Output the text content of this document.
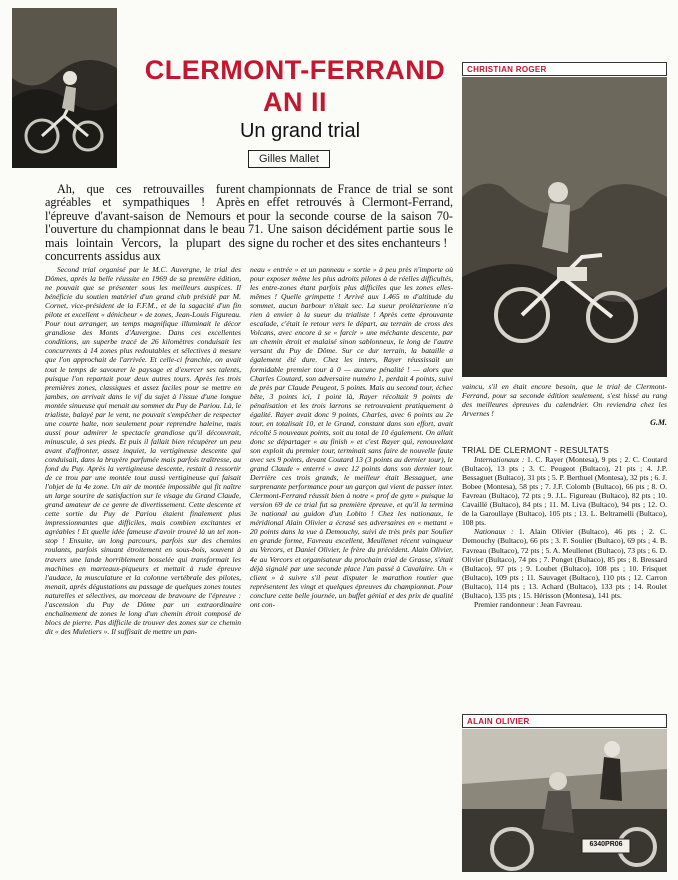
CLERMONT-FERRAND
AN II
Un grand trial
Gilles Mallet
CHRISTIAN ROGER

Ah, que ces retrouvailles furent agréables et sympathiques ! Après l'épreuve d'avant-saison de Nemours et l'ouverture du championnat dans le beau mais lointain Vercors, la plupart des concurrents assidus aux

championnats de France de trial se sont en effet retrouvés à Clermont-Ferrand, pour la seconde course de la saison 70-71. Une saison décidément partie sous le signe du rocher et des sites enchanteurs !

Second trial organisé par le M.C. Auvergne, le trial des Dômes, après la belle réussite en 1969 de sa première édition, ne pouvait que se présenter sous les meilleurs auspices. Il bénéficie du soutien matériel d'un grand club présidé par M. Cornet, vice-président de la F.F.M., et de la sagacité d'un fin pilote et excellent « dénicheur » de zones, Jean-Louis Figureau. Pour tout arranger, un temps magnifique illuminait le décor grandiose des Monts d'Auvergne. Dans ces excellentes conditions, un superbe tracé de 26 kilomètres conduisait les concurrents à 14 zones plus redoutables et sélectives à mesure que l'on approchait de l'arrivée. Et celle-ci franchie, on avait tout le temps de savourer le paysage et d'exercer ses talents, puisque l'on repartait pour deux autres tours. Après les trois premières zones, classiques et assez faciles pour se mettre en jambes, on arrivait dans le vif du sujet à l'issue d'une longue montée sinueuse qui menait au sommet du Puy de Pariou. Là, le trialiste, balayé par le vent, ne pouvait s'empêcher de respecter une courte halte, non seulement pour reprendre haleine, mais aussi pour admirer le spectacle grandiose qu'il découvrait, minuscule, à ses pieds. Et puis il fallait bien récupérer un peu avant d'affronter, assez inquiet, la vertigineuse descente qui conduisait, dans la bruyère parfumée mais parfois traîtresse, au fond du Puy. Après la vertigineuse descente, restait à ressortir de ce trou par une montée tout aussi vertigineuse qui faisait l'objet de la 4e zone. Un air de montée impossible qui fit naître un large sourire de satisfaction sur le visage du Grand Claude, grand amateur de ce genre de divertissement. Cette descente et cette sortie du Puy de Pariou étaient finalement plus impressionnantes que difficiles, mais combien excitantes et agréables ! Et quelle idée fameuse d'avoir trouvé là un tel non-stop ! Ensuite, un long parcours, parfois sur des chemins roulants, parfois sinuant étroitement en sous-bois, souvent à travers une lande horriblement bosselée qui transformait les machines en marteaux-piqueurs et mettait à rude épreuve l'audace, la musculature et la colonne vertébrale des pilotes, menait, après dégustations au passage de quelques zones toutes naturelles et sélectives, au morceau de bravoure de l'épreuve : l'ascension du Puy de Dôme par un extraordinaire enchaînement de zones le long d'un chemin étroit composé de blocs de pierre. Pas difficile de trouver des zones sur ce chemin dit « des Muletiers ». Il suffisait de mettre un pan-

neau « entrée » et un panneau « sortie » à peu près n'importe où pour exposer même les plus adroits pilotes à de réelles difficultés, les entre-zones étant parfois plus difficiles que les zones elles-mêmes ! Quelle grimpette ! Arrivé aux 1.465 m d'altitude du sommet, aucun barbour n'était sec. La sueur prolétarienne n'a rien à envier à la sueur du trialiste ! Après cette éprouvante escalade, c'était le retour vers le départ, au terrain de cross des Volcans, avec encore à se « farcir » une méchante descente, par un chemin étroit et malaisé sinon sablonneux, le long de l'autre versant du Puy de Dôme. Sur ce dur terrain, la bataille a également été dure. Chez les inters, Rayer réussissait un formidable premier tour à 0 — aucune pénalité ! — alors que Charles Coutard, son adversaire numéro 1, perdait 4 points, suivi de près par Claude Peugeot, 5 points. Mais au second tour, échec bête, 3 points ici, 1 point là, Rayer récoltait 9 points de pénalisation et les trois larrons se retrouvaient pratiquement à égalité. Rayer avait donc 9 points, Charles, avec 6 points au 2e tour, en totalisait 10, et le Grand, constant dans son effort, avait récolté 5 nouveaux points, soit au total de 10 également. On allait donc se départager « au finish » et c'est Rayer qui, renouvelant son exploit du premier tour, terminait sans faire de nouvelle faute avec ses 9 points, devant Coutard 13 (3 points au dernier tour), le grand Claude « enterré » avec 12 points dans son dernier tour. Derrière ces trois grands, le meilleur était Bessaguet, une surprenante performance pour un garçon qui vient de passer inter. Clermont-Ferrand réussit bien à notre « prof de gym » puisque la version 69 de ce trial fut sa première épreuve, et qu'il la termina 3e national au guidon d'un Lobito ! Chez les nationaux, le méridional Alain Olivier a écrasé ses adversaires en « mettant » 20 points dans la vue à Demouchy, suivi de très près par Soulier en grande forme, Favreau excellent, Meullenet récent vainqueur au Vercors, et Daniel Olivier, le frère du précédent. Alain Olivier, 4e au Vercors et organisateur du prochain trial de Grasse, s'était déjà signalé par une seconde place l'an passé à Cavalaire. Un « client » à suivre s'il peut disputer le marathon routier que représentent les vingt et quelques épreuves du championnat. Pour conclure cette belle journée, un buffet génial et des prix de qualité ont con-

vaincu, s'il en était encore besoin, que le trial de Clermont-Ferrand, pour sa seconde édition seulement, s'est hissé au rang des meilleures épreuves du calendrier. On reviendra chez les Arvernes !

G.M.
TRIAL DE CLERMONT - RESULTATS

Internationaux : 1. C. Rayer (Montesa), 9 pts ; 2. C. Coutard (Bultaco), 13 pts ; 3. C. Peugeot (Bultaco), 21 pts ; 4. J.P. Bessaguet (Bultaco), 31 pts ; 5. P. Berthuel (Montesa), 32 pts ; 6. J. Bobee (Montesa), 58 pts ; 7. J.F. Colomb (Bultaco), 66 pts ; 8. O. Favreau (Bultaco), 72 pts ; 9. J.L. Figureau (Bultaco), 82 pts ; 10. Cavaillé (Bultaco), 84 pts ; 11. M. Liva (Bultaco), 94 pts ; 12. O. de la Garoullaye (Bultaco), 105 pts ; 13. L. Beltramelli (Bultaco), 108 pts.

Nationaux : 1. Alain Olivier (Bultaco), 46 pts ; 2. C. Demouchy (Bultaco), 66 pts ; 3. F. Soulier (Bultaco), 69 pts ; 4. B. Favreau (Bultaco), 72 pts ; 5. A. Meullenet (Bultaco), 73 pts ; 6. D. Olivier (Bultaco), 74 pts ; 7. Ponget (Bultaco), 85 pts ; 8. Bressard (Bultaco), 97 pts ; 9. Loubet (Bultaco), 108 pts ; 10. Frisquet (Bultaco), 109 pts ; 11. Sauvaget (Bultaco), 110 pts ; 12. Carron (Bultaco), 114 pts ; 13. Achard (Bultaco), 133 pts ; 14. Roulet (Bultaco), 135 pts ; 15. Hérisson (Montesa), 141 pts.

Premier randonneur : Jean Favreau.

ALAIN OLIVIER
6340PR06
